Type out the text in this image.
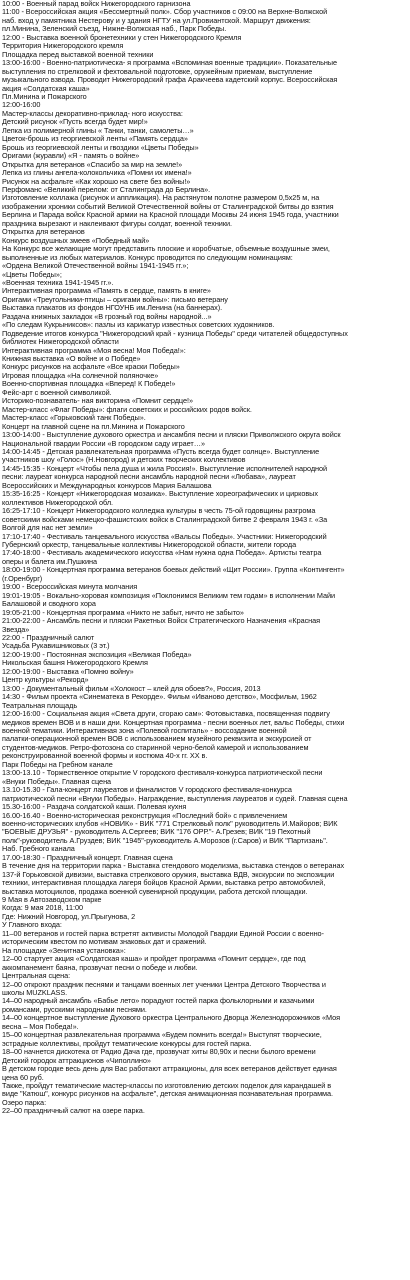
10:00 - Военный парад войск Нижегородского гарнизона
11:00 - Всероссийская акция «Бессмертный полк». Сбор участников с 09:00 на Верхне-Волжской
наб. вход у памятника Нестерову и у здания НГТУ на ул.Провиантской. Маршрут движения:
пл.Минина, Зеленский съезд, Нижне-Волжская наб., Парк Победы.
12:00 - Выставка военной бронетехники у стен Нижегородского Кремля
Территория Нижегородского кремля
Площадка перед выставкой военной техники
13:00-16:00 - Военно-патриотическа- я программа «Вспоминая военные традиции». Показательные
выступления по стрелковой и фехтовальной подготовке, оружейным приемам, выступление
музыкального взвода. Проводит Нижегородский графа Аракчеева кадетский корпус. Всероссийская
акция «Солдатская каша»
Пл.Минина и Пожарского
12:00-16:00
Мастер-классы декоративно-приклад- ного искусства:
Детский рисунок «Пусть всегда будет мир!»
Лепка из полимерной глины « Танки, танки, самолеты…»
Цветок-брошь из георгиевской ленты «Память сердца»
Брошь из георгиевской ленты и гвоздики «Цветы Победы»
Оригами (журавли) «Я - память о войне»
Открытка для ветеранов «Спасибо за мир на земле!»
Лепка из глины ангела-колокольчика «Помни их имена!»
Рисунок на асфальте «Как хорошо на свете без войны!»
Перфоманс «Великий перелом: от Сталинграда до Берлина».
Изготовление коллажа (рисунок и аппликация). На растянутом полотне размером 0,5х25 м, на
изображении хроники событий Великой Отечественной войны от Сталинградской битвы до взятия
Берлина и Парада войск Красной армии на Красной площади Москвы 24 июня 1945 года, участники
праздника вырезают и наклеивают фигуры солдат, военной техники.
Открытка для ветеранов
Конкурс воздушных змеев «Победный май»
На Конкурс все желающие могут представить плоские и коробчатые, объемные воздушные змеи,
выполненные из любых материалов. Конкурс проводится по следующим номинациям:
«Ордена Великой Отечественной войны 1941-1945 гг.»;
«Цветы Победы»;
«Военная техника 1941-1945 гг.».
Интерактивная программа «Память в сердце, память в книге»
Оригами «Треугольники-птицы – оригами войны»: письмо ветерану
Выставка плакатов из фондов НГОУНБ им.Ленина (на баннерах).
Раздача книжных закладок «В грозный год войны народной...»
«По следам Кукрыниксов»: пазлы из карикатур известных советских художников.
Подведение итогов конкурса "Нижегородский край - кузница Победы" среди читателей общедоступных
библиотек Нижегородской области
Интерактивная программа «Моя весна! Моя Победа!»:
Книжная выставка «О войне и о Победе»
Конкурс рисунков на асфальте «Все краски Победы»
Игровая площадка «На солнечной поляночке»
Военно-спортивная площадка «Вперед! К Победе!»
Фейс-арт с военной символикой.
Историко-познаватель- ная викторина «Помнит сердце!»
Мастер-класс «Флаг Победы»: флаги советских и российских родов войск.
Мастер-класс «Горьковский танк Победы».
Концерт на главной сцене на пл.Минина и Пожарского
13:00-14:00 - Выступление духового оркестра и ансамбля песни и пляски Приволжского округа войск
Национальной гвардии России «В городском саду играет…»
14:00-14:45 - Детская развлекательная программа «Пусть всегда будет солнце». Выступление
участников шоу «Голос» (Н.Новгород) и детских творческих коллективов
14:45-15:35 - Концерт «Чтобы пела душа и жила Россия!». Выступление исполнителей народной
песни: лауреат конкурса народной песни ансамбль народной песни «Любава», лауреат
Всероссийских и Международных конкурсов Мария Балашова
15:35-16:25 - Концерт «Нижегородская мозаика». Выступление хореографических и цирковых
коллективов Нижегородской обл.
16:25-17:10 - Концерт Нижегородского колледжа культуры в честь 75-ой годовщины разгрома
советскими войсками немецко-фашистских войск в Сталинградской битве 2 февраля 1943 г. «За
Волгой для нас нет земли»
17:10-17:40 - Фестиваль танцевального искусства «Вальсы Победы». Участники: Нижегородский
Губернский оркестр, танцевальные коллективы Нижегородской области, жители города
17:40-18:00 - Фестиваль академического искусства «Нам нужна одна Победа». Артисты театра
оперы и балета им.Пушкина
18:00-19:00 - Концертная программа ветеранов боевых действий «Щит России». Группа «Контингент»
(г.Оренбург)
19:00 - Всероссийская минута молчания
19:01-19:05 - Вокально-хоровая композиция «Поклонимся Великим тем годам» в исполнении Майи
Балашовой и сводного хора
19:05-21:00 - Концертная программа «Никто не забыт, ничто не забыто»
21:00-22:00 - Ансамбль песни и пляски Ракетных Войск Стратегического Назначения «Красная
Звезда»
22:00 - Праздничный салют
Усадьба Рукавишниковых (3 эт.)
12:00-19:00 - Постоянная экспозиция «Великая Победа»
Никольская башня Нижегородского Кремля
12:00-19:00 - Выставка «Помню войну»
Центр культуры «Рекорд»
13:00 - Документальный фильм «Холокост – клей для обоев?», Россия, 2013
14:30 - Фильм проекта «Синематека в Рекорде». Фильм «Иваново детство», Мосфильм, 1962
Театральная площадь
12:00-16:00 - Социальная акция «Света други, сгораю сам»: Фотовыставка, посвященная подвигу
медиков времен ВОВ и в наши дни. Концертная программа - песни военных лет, вальс Победы, стихи
военной тематики. Интерактивная зона «Полевой госпиталь» - воссоздание военной
палатки-операционной времен ВОВ с использованием музейного реквизита и экскурсией от
студентов-медиков. Ретро-фотозона со старинной черно-белой камерой и использованием
реконструированной военной формы и костюма 40-х гг. ХХ в.
Парк Победы на Гребном канале
13:00-13.10 - Торжественное открытие V городского фестиваля-конкурса патриотической песни
«Внуки Победы». Главная сцена
13.10-15.30 - Гала-концерт лауреатов и финалистов V городского фестиваля-конкурса
патриотической песни «Внуки Победы». Награждение, выступления лауреатов и судей. Главная сцена
15.30-16:00 - Раздача солдатской каши. Полевая кухня
16.00-16.40 - Военно-историческая реконструкция «Последний бой» с привлечением
военно-исторических клубов «НОВИК» - ВИК "771 Стрелковый полк" руководитель И.Майоров; ВИК
"БОЕВЫЕ ДРУЗЬЯ" - руководитель А.Сергеев; ВИК "176 ОРР."- А.Грезев; ВИК "19 Пехотный
полк"-руководитель А.Груздев; ВИК "1945"-руководитель А.Морозов (г.Саров) и ВИК "Партизань".
Наб. Гребного канала
17.00-18:30 - Праздничный концерт. Главная сцена
В течение дня на территории парка - Выставка стендового моделизма, выставка стендов о ветеранах
137-й Горьковской дивизии, выставка стрелкового оружия, выставка ВДВ, экскурсии по экспозиции
техники, интерактивная площадка лагеря бойцов Красной Армии, выставка ретро автомобилей,
выставка мотоциклов, продажа военной сувенирной продукции, работа детской площадки.
9 Мая в Автозаводском парке
Когда: 9 мая 2018, 11:00
Где: Нижний Новгород, ул.Прыгунова, 2
У Главного входа:
11–00 ветеранов и гостей парка встретят активисты Молодой Гвардии Единой России с военно-
историческим квестом по мотивам знаковых дат и сражений.
На площадке «Зенитная установка»:
12–00 стартует акция «Солдатская каша» и пройдет программа «Помнит сердце», где под
аккомпанемент баяна, прозвучат песни о победе и любви.
Центральная сцена:
12–00 откроют праздник песнями и танцами военных лет ученики Центра Детского Творчества и
школы MUZKLASS.
14–00 народный ансамбль «Бабье лето» порадуют гостей парка фольклорными и казачьими
романсами, русскими народными песнями.
14–00 концертное выступление Духового оркестра Центрального Дворца Железнодорожников «Моя
весна – Моя Победа!».
15–00 концертная развлекательная программа «Будем помнить всегда!» Выступят творческие,
эстрадные коллективы, пройдут тематические конкурсы для гостей парка.
18–00 начнется дискотека от Радио Дача где, прозвучат хиты 80,90х и песни былого времени
Детский городок аттракционов «Чиполлино»
В детском городке весь день для Вас работают аттракционы, для всех ветеранов действует единая
цена 60 руб.
Также, пройдут тематические мастер-классы по изготовлению детских поделок для карандашей в
виде "Катюш", конкурс рисунков на асфальте", детская анимационная познавательная программа.
Озеро парка:
22–00 праздничный салют на озере парка.
